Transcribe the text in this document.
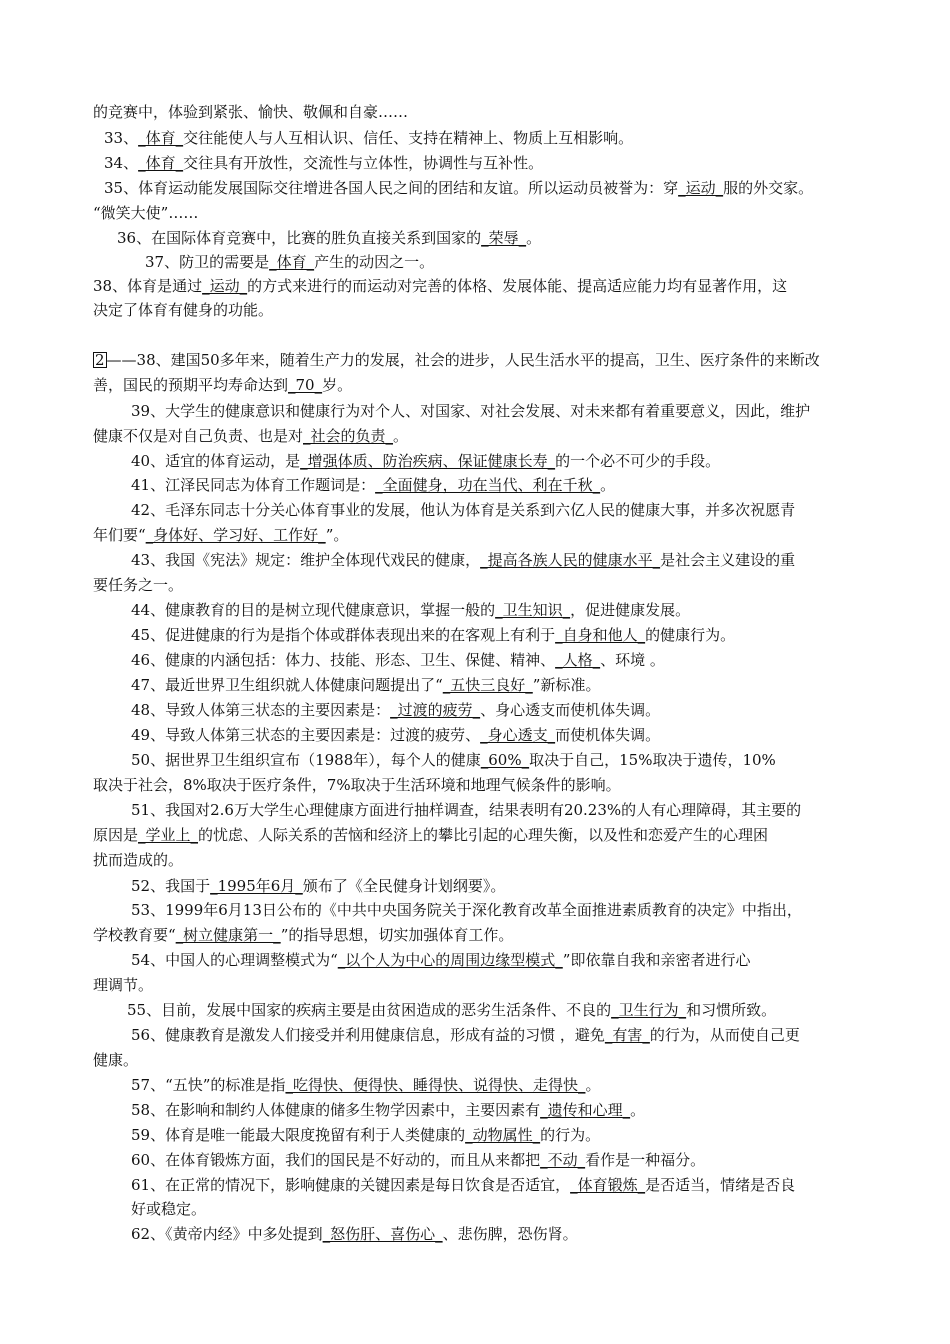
的竞赛中，体验到紧张、愉快、敬佩和自豪……
33、_体育_交往能使人与人互相认识、信任、支持在精神上、物质上互相影响。
34、_体育_交往具有开放性，交流性与立体性，协调性与互补性。
35、体育运动能发展国际交往增进各国人民之间的团结和友谊。所以运动员被誉为：穿_运动_服的外交家。
“微笑大使”……
36、在国际体育竞赛中，比赛的胜负直接关系到国家的_荣辱_。
37、防卫的需要是_体育_产生的动因之一。
38、体育是通过_运动_的方式来进行的而运动对完善的体格、发展体能、提高适应能力均有显著作用，这
决定了体育有健身的功能。
2 ——38、建国50多年来，随着生产力的发展，社会的进步，人民生活水平的提高，卫生、医疗条件的来断改
善，国民的预期平均寿命达到_70_岁。
39、大学生的健康意识和健康行为对个人、对国家、对社会发展、对未来都有着重要意义，因此，维护
健康不仅是对自己负责、也是对_社会的负责_。
40、适宜的体育运动，是_增强体质、防治疾病、保证健康长寿_的一个必不可少的手段。
41、江泽民同志为体育工作题词是：_全面健身，功在当代、利在千秋_。
42、毛泽东同志十分关心体育事业的发展，他认为体育是关系到六亿人民的健康大事，并多次祝愿青
年们要“_身体好、学习好、工作好_”。
43、我国《宪法》规定：维护全体现代戏民的健康，_提高各族人民的健康水平_是社会主义建设的重
要任务之一。
44、健康教育的目的是树立现代健康意识，掌握一般的_卫生知识_，促进健康发展。
45、促进健康的行为是指个体或群体表现出来的在客观上有利于_自身和他人_的健康行为。
46、健康的内涵包括：体力、技能、形态、卫生、保健、精神、_人格_、环境 。
47、最近世界卫生组织就人体健康问题提出了“_五快三良好_”新标准。
48、导致人体第三状态的主要因素是：_过渡的疲劳_、身心透支而使机体失调。
49、导致人体第三状态的主要因素是：过渡的疲劳、_身心透支_而使机体失调。
50、据世界卫生组织宣布（1988年），每个人的健康_60%_取决于自己，15%取决于遗传，10%
取决于社会，8%取决于医疗条件，7%取决于生活环境和地理气候条件的影响。
51、我国对2.6万大学生心理健康方面进行抽样调查，结果表明有20.23%的人有心理障碍，其主要的
原因是_学业上_的忧虑、人际关系的苦恼和经济上的攀比引起的心理失衡，以及性和恋爱产生的心理困
扰而造成的。
52、我国于_1995年6月_颁布了《全民健身计划纲要》。
53、1999年6月13日公布的《中共中央国务院关于深化教育改革全面推进素质教育的决定》中指出，
学校教育要“_树立健康第一_”的指导思想，切实加强体育工作。
54、中国人的心理调整模式为“_以个人为中心的周围边缘型模式_”即依靠自我和亲密者进行心
理调节。
55、目前，发展中国家的疾病主要是由贫困造成的恶劣生活条件、不良的_卫生行为_和习惯所致。
56、健康教育是激发人们接受并利用健康信息，形成有益的习惯 ，避免_有害_的行为，从而使自己更
健康。
57、“五快”的标准是指_吃得快、便得快、睡得快、说得快、走得快_。
58、在影响和制约人体健康的储多生物学因素中，主要因素有_遗传和心理_。
59、体育是唯一能最大限度挽留有利于人类健康的_动物属性_的行为。
60、在体育锻炼方面，我们的国民是不好动的，而且从来都把_不动_看作是一种福分。
61、在正常的情况下，影响健康的关键因素是每日饮食是否适宜，_体育锻炼_是否适当，情绪是否良
好或稳定。
62、《黄帝内经》中多处提到_怒伤肝、喜伤心_、悲伤脾，恐伤肾。
